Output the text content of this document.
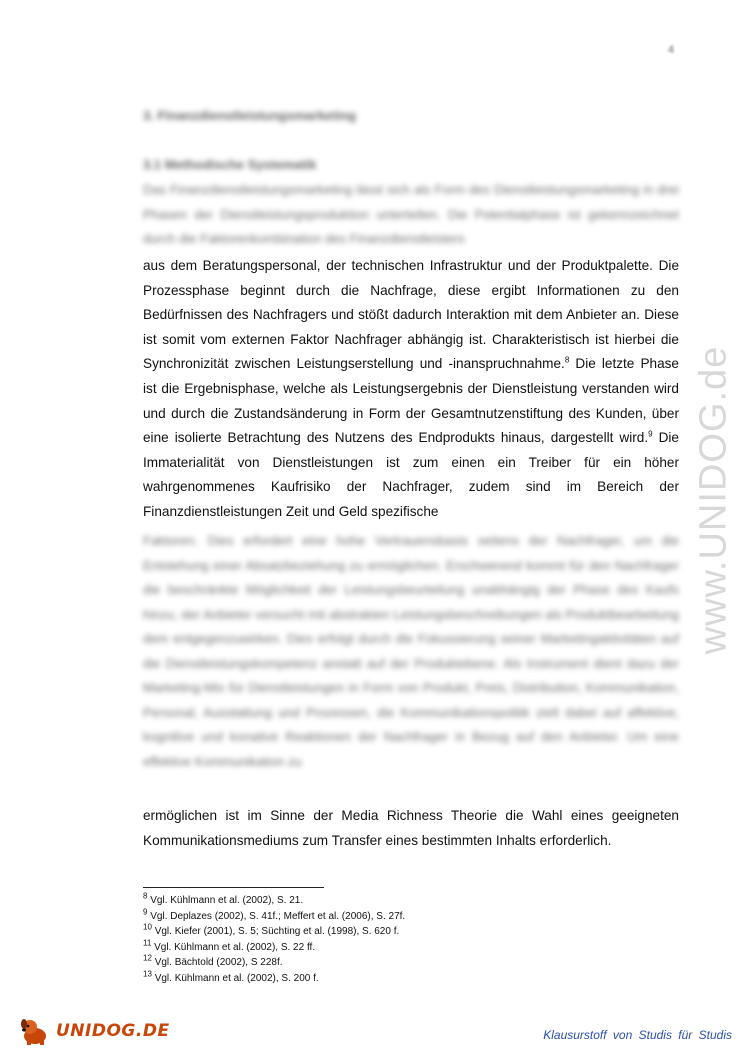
4
3. Finanzdienstleistungsmarketing
3.1 Methodische Systematik
Das Finanzdienstleistungsmarketing lässt sich als Form des Dienstleistungsmarketing in drei Phasen der Dienstleistungsproduktion unterteilen. Die Potentialphase ist gekennzeichnet durch die Faktorenkombination des Finanzdienstleisters

aus dem Beratungspersonal, der technischen Infrastruktur und der Produktpalette. Die Prozessphase beginnt durch die Nachfrage, diese ergibt Informationen zu den Bedürfnissen des Nachfragers und stößt dadurch Interaktion mit dem Anbieter an. Diese ist somit vom externen Faktor Nachfrager abhängig ist. Charakteristisch ist hierbei die Synchronizität zwischen Leistungserstellung und -inanspruchnahme.$^8$ Die letzte Phase ist die Ergebnisphase, welche als Leistungsergebnis der Dienstleistung verstanden wird und durch die Zustandsänderung in Form der Gesamtnutzenstiftung des Kunden, über eine isolierte Betrachtung des Nutzens des Endprodukts hinaus, dargestellt wird.$^9$ Die Immaterialität von Dienstleistungen ist zum einen ein Treiber für ein höher wahrgenommenes Kaufrisiko der Nachfrager, zudem sind im Bereich der Finanzdienstleistungen Zeit und Geld spezifische

Faktoren. Dies erfordert eine hohe Vertrauensbasis seitens der Nachfrager, um die Entstehung einer Absatzbeziehung zu ermöglichen. Erschwerend kommt für den Nachfrager die beschränkte Möglichkeit der Leistungsbeurteilung unabhängig der Phase des Kaufs hinzu, der Anbieter versucht mit abstrakten Leistungsbeschreibungen als Produktbearbeitung dem entgegenzuwirken. Dies erfolgt durch die Fokussierung seiner Marketingaktivitäten auf die Dienstleistungskompetenz anstatt auf der Produktebene. Als Instrument dient dazu der Marketing-Mix für Dienstleistungen in Form von Produkt, Preis, Distribution, Kommunikation, Personal, Ausstattung und Prozessen, die Kommunikationspolitik zielt dabei auf affektive, kognitive und konative Reaktionen der Nachfrager in Bezug auf den Anbieter. Um eine effektive Kommunikation zu

ermöglichen ist im Sinne der Media Richness Theorie die Wahl eines geeigneten Kommunikationsmediums zum Transfer eines bestimmten Inhalts erforderlich.

$^8$ Vgl. Kühlmann et al. (2002), S. 21.
$^9$ Vgl. Deplazes (2002), S. 41f.; Meffert et al. (2006), S. 27f.
$^{10}$ Vgl. Kiefer (2001), S. 5; Süchting et al. (1998), S. 620 f.
$^{11}$ Vgl. Kühlmann et al. (2002), S. 22 ff.
$^{12}$ Vgl. Bächtold (2002), S 228f.
$^{13}$ Vgl. Kühlmann et al. (2002), S. 200 f.
www.UNIDOG.de
UNIDOG.DE	Klausurstoff von Studis für Studis
